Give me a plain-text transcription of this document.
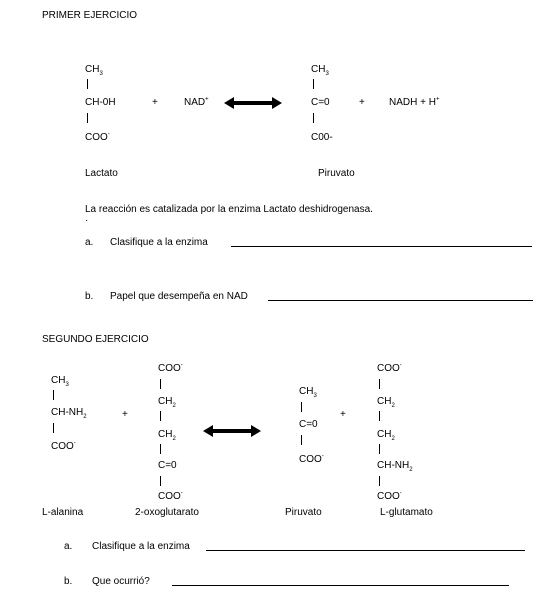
PRIMER EJERCICIO
$CH_3$
CH-0H
COO-
+	NAD+
$CH_3$
C=0
C00-
+ NADH + H+
Lactato	Piruvato
La reacción es catalizada por la enzima Lactato deshidrogenasa.
·
a. Clasifique a la enzima
b. Papel que desempeña en NAD
SEGUNDO EJERCICIO
$CH_3$
$CH-NH_2$
COO-
+
COO-
$CH_2$
$CH_2$
C=0
COO-
$CH_3$
C=0
COO-
+
COO-
$CH_2$
$CH_2$
$CH-NH_2$
COO-
L-alanina	2-oxoglutarato	Piruvato	L-glutamato
a. Clasifique a la enzima
b. Que ocurrió?
